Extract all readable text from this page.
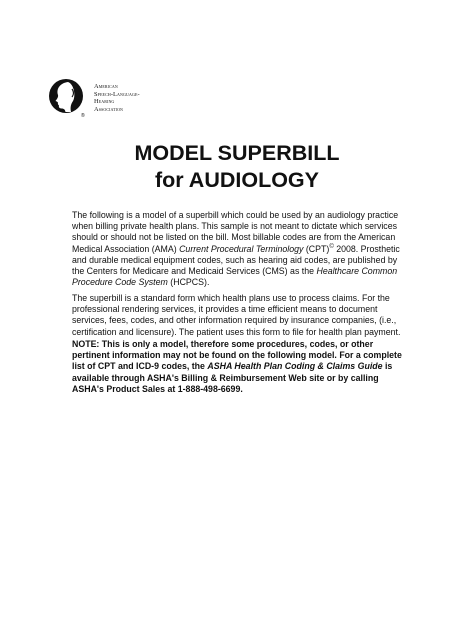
®
American
Speech-Language-
Hearing
Association
MODEL SUPERBILL
for AUDIOLOGY
The following is a model of a superbill which could be used by an audiology practice when billing private health plans. This sample is not meant to dictate which services should or should not be listed on the bill. Most billable codes are from the American Medical Association (AMA) Current Procedural Terminology (CPT)© 2008. Prosthetic and durable medical equipment codes, such as hearing aid codes, are published by the Centers for Medicare and Medicaid Services (CMS) as the Healthcare Common Procedure Code System (HCPCS).
The superbill is a standard form which health plans use to process claims. For the professional rendering services, it provides a time efficient means to document services, fees, codes, and other information required by insurance companies, (i.e., certification and licensure). The patient uses this form to file for health plan payment.
NOTE: This is only a model, therefore some procedures, codes, or other pertinent information may not be found on the following model. For a complete list of CPT and ICD-9 codes, the ASHA Health Plan Coding & Claims Guide is available through ASHA's Billing & Reimbursement Web site or by calling ASHA's Product Sales at 1-888-498-6699.
